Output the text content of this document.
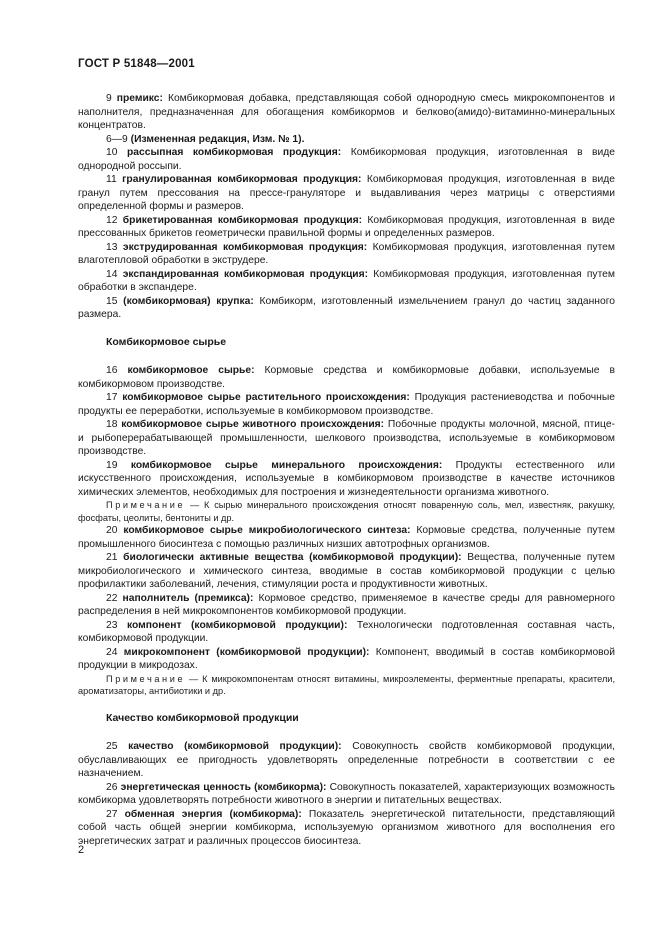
ГОСТ Р 51848—2001

9 премикс: Комбикормовая добавка, представляющая собой однородную смесь микрокомпонентов и наполнителя, предназначенная для обогащения комбикормов и белково(амидо)-витаминно-минеральных концентратов.

6—9 (Измененная редакция, Изм. № 1).

10 рассыпная комбикормовая продукция: Комбикормовая продукция, изготовленная в виде однородной россыпи.

11 гранулированная комбикормовая продукция: Комбикормовая продукция, изготовленная в виде гранул путем прессования на прессе-грануляторе и выдавливания через матрицы с отверстиями определенной формы и размеров.

12 брикетированная комбикормовая продукция: Комбикормовая продукция, изготовленная в виде прессованных брикетов геометрически правильной формы и определенных размеров.

13 экструдированная комбикормовая продукция: Комбикормовая продукция, изготовленная путем влаготепловой обработки в экструдере.

14 экспандированная комбикормовая продукция: Комбикормовая продукция, изготовленная путем обработки в экспандере.

15 (комбикормовая) крупка: Комбикорм, изготовленный измельчением гранул до частиц заданного размера.

Комбикормовое сырье

16 комбикормовое сырье: Кормовые средства и комбикормовые добавки, используемые в комбикормовом производстве.

17 комбикормовое сырье растительного происхождения: Продукция растениеводства и побочные продукты ее переработки, используемые в комбикормовом производстве.

18 комбикормовое сырье животного происхождения: Побочные продукты молочной, мясной, птице- и рыбоперерабатывающей промышленности, шелкового производства, используемые в комбикормовом производстве.

19 комбикормовое сырье минерального происхождения: Продукты естественного или искусственного происхождения, используемые в комбикормовом производстве в качестве источников химических элементов, необходимых для построения и жизнедеятельности организма животного.

Примечание — К сырью минерального происхождения относят поваренную соль, мел, известняк, ракушку, фосфаты, цеолиты, бентониты и др.

20 комбикормовое сырье микробиологического синтеза: Кормовые средства, полученные путем промышленного биосинтеза с помощью различных низших автотрофных организмов.

21 биологически активные вещества (комбикормовой продукции): Вещества, полученные путем микробиологического и химического синтеза, вводимые в состав комбикормовой продукции с целью профилактики заболеваний, лечения, стимуляции роста и продуктивности животных.

22 наполнитель (премикса): Кормовое средство, применяемое в качестве среды для равномерного распределения в ней микрокомпонентов комбикормовой продукции.

23 компонент (комбикормовой продукции): Технологически подготовленная составная часть, комбикормовой продукции.

24 микрокомпонент (комбикормовой продукции): Компонент, вводимый в состав комбикормовой продукции в микродозах.

Примечание — К микрокомпонентам относят витамины, микроэлементы, ферментные препараты, красители, ароматизаторы, антибиотики и др.

Качество комбикормовой продукции

25 качество (комбикормовой продукции): Совокупность свойств комбикормовой продукции, обуславливающих ее пригодность удовлетворять определенные потребности в соответствии с ее назначением.

26 энергетическая ценность (комбикорма): Совокупность показателей, характеризующих возможность комбикорма удовлетворять потребности животного в энергии и питательных веществах.

27 обменная энергия (комбикорма): Показатель энергетической питательности, представляющий собой часть общей энергии комбикорма, используемую организмом животного для восполнения его энергетических затрат и различных процессов биосинтеза.

2
